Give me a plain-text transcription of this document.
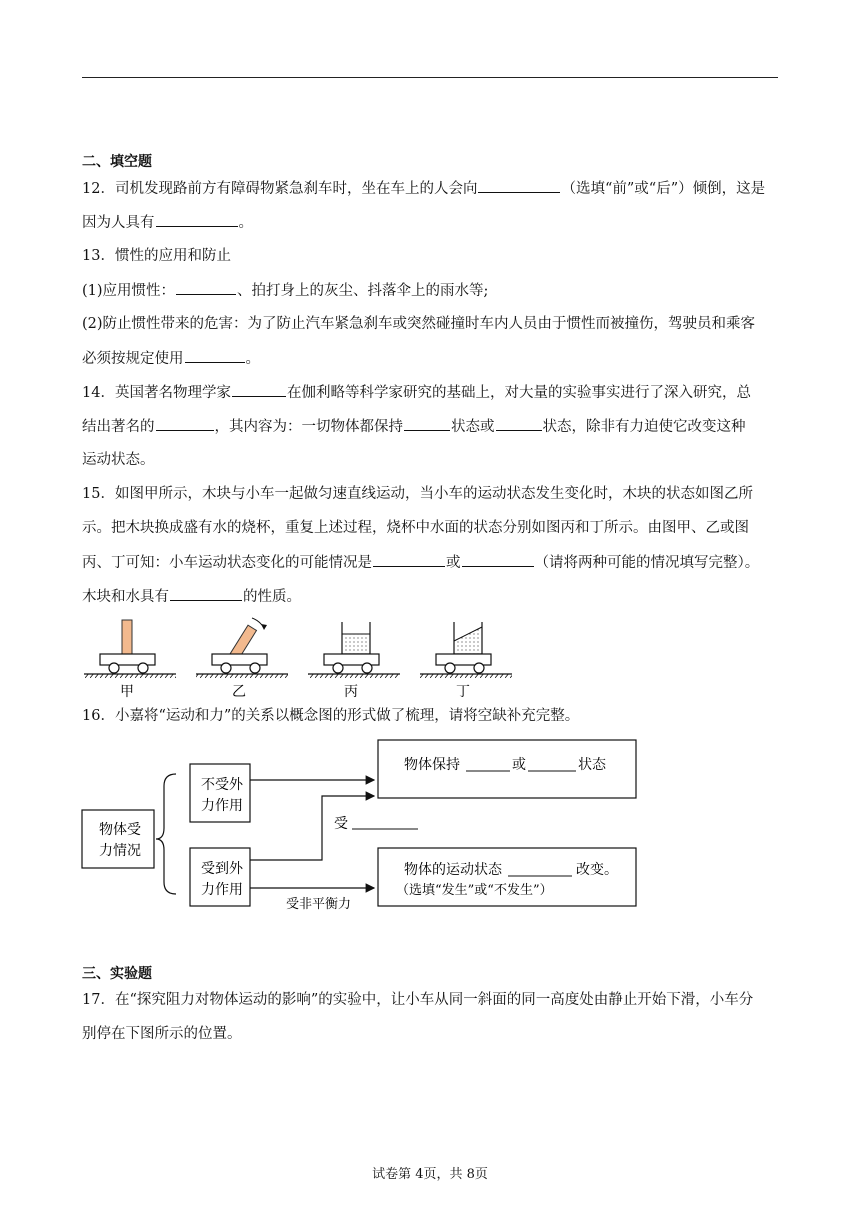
二、填空题
12．司机发现路前方有障碍物紧急刹车时，坐在车上的人会向	（选填“前”或“后”）倾倒，这是
因为人具有	。
13．惯性的应用和防止
(1)应用惯性：	、拍打身上的灰尘、抖落伞上的雨水等;
(2)防止惯性带来的危害：为了防止汽车紧急刹车或突然碰撞时车内人员由于惯性而被撞伤，驾驶员和乘客
必须按规定使用	。
14．英国著名物理学家	在伽利略等科学家研究的基础上，对大量的实验事实进行了深入研究，总
结出著名的	，其内容为：一切物体都保持	状态或	状态，除非有力迫使它改变这种
运动状态。
15．如图甲所示，木块与小车一起做匀速直线运动，当小车的运动状态发生变化时，木块的状态如图乙所
示。把木块换成盛有水的烧杯，重复上述过程，烧杯中水面的状态分别如图丙和丁所示。由图甲、乙或图
丙、丁可知：小车运动状态变化的可能情况是	或	（请将两种可能的情况填写完整）。
木块和水具有	的性质。
甲	乙	丙	丁
16．小嘉将“运动和力”的关系以概念图的形式做了梳理，请将空缺补充完整。
物体受
力情况
不受外
力作用
受到外
力作用
受
受非平衡力
物体保持	或	状态
物体的运动状态	改变。
（选填“发生”或“不发生”）
三、实验题
17．在“探究阻力对物体运动的影响”的实验中，让小车从同一斜面的同一高度处由静止开始下滑，小车分
别停在下图所示的位置。
试卷第 4页，共 8页
